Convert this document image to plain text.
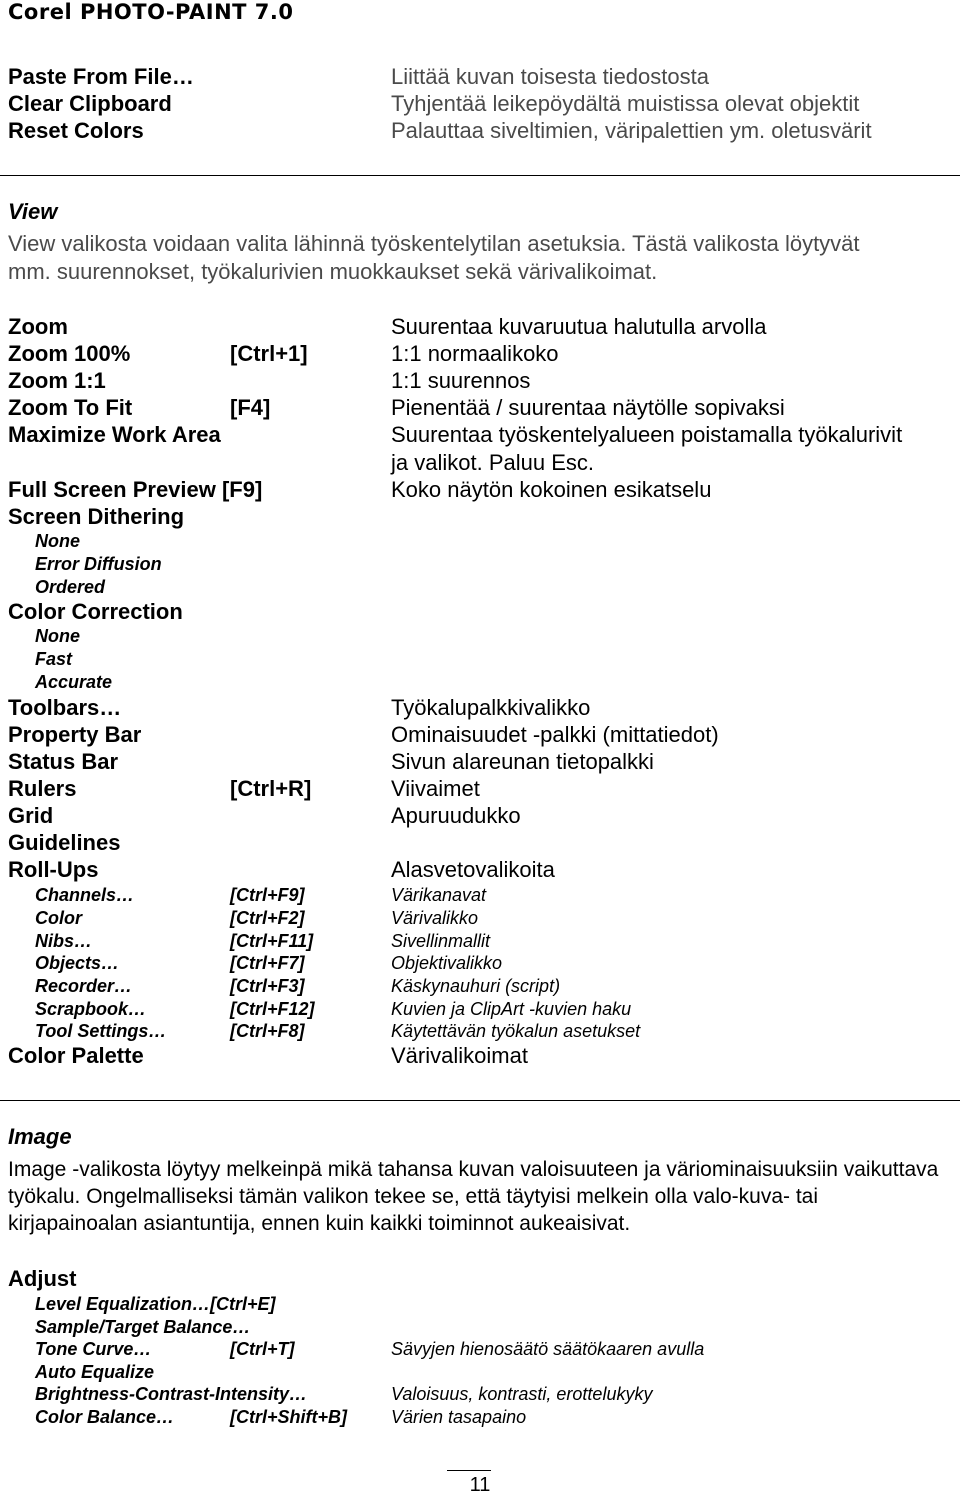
Corel PHOTO-PAINT 7.0
Paste From File…	Liittää kuvan toisesta tiedostosta
Clear Clipboard	Tyhjentää leikepöydältä muistissa olevat objektit
Reset Colors	Palauttaa siveltimien, väripalettien ym. oletusvärit
View
View valikosta voidaan valita lähinnä työskentelytilan asetuksia. Tästä valikosta löytyvät
mm. suurennokset, työkalurivien muokkaukset sekä värivalikoimat.
Zoom	Suurentaa kuvaruutua halutulla arvolla
Zoom 100%	[Ctrl+1]	1:1 normaalikoko
Zoom 1:1	1:1 suurennos
Zoom To Fit	[F4]	Pienentää / suurentaa näytölle sopivaksi
Maximize Work Area	Suurentaa työskentelyalueen poistamalla työkalurivit
ja valikot. Paluu Esc.
Full Screen Preview [F9]	Koko näytön kokoinen esikatselu
Screen Dithering
None
Error Diffusion
Ordered
Color Correction
None
Fast
Accurate
Toolbars…	Työkalupalkkivalikko
Property Bar	Ominaisuudet -palkki (mittatiedot)
Status Bar	Sivun alareunan tietopalkki
Rulers	[Ctrl+R]	Viivaimet
Grid	Apuruudukko
Guidelines
Roll-Ups	Alasvetovalikoita
Channels…	[Ctrl+F9]	Värikanavat
Color	[Ctrl+F2]	Värivalikko
Nibs…	[Ctrl+F11]	Sivellinmallit
Objects…	[Ctrl+F7]	Objektivalikko
Recorder…	[Ctrl+F3]	Käskynauhuri (script)
Scrapbook…	[Ctrl+F12]	Kuvien ja ClipArt -kuvien haku
Tool Settings…	[Ctrl+F8]	Käytettävän työkalun asetukset
Color Palette	Värivalikoimat
Image
Image -valikosta löytyy melkeinpä mikä tahansa kuvan valoisuuteen ja väriominaisuuksiin vaikuttava työkalu. Ongelmalliseksi tämän valikon tekee se, että täytyisi melkein olla valo-kuva- tai kirjapainoalan asiantuntija, ennen kuin kaikki toiminnot aukeaisivat.
Adjust
Level Equalization…[Ctrl+E]
Sample/Target Balance…
Tone Curve…	[Ctrl+T]	Sävyjen hienosäätö säätökaaren avulla
Auto Equalize
Brightness-Contrast-Intensity…	Valoisuus, kontrasti, erottelukyky
Color Balance…	[Ctrl+Shift+B] Värien tasapaino
11
